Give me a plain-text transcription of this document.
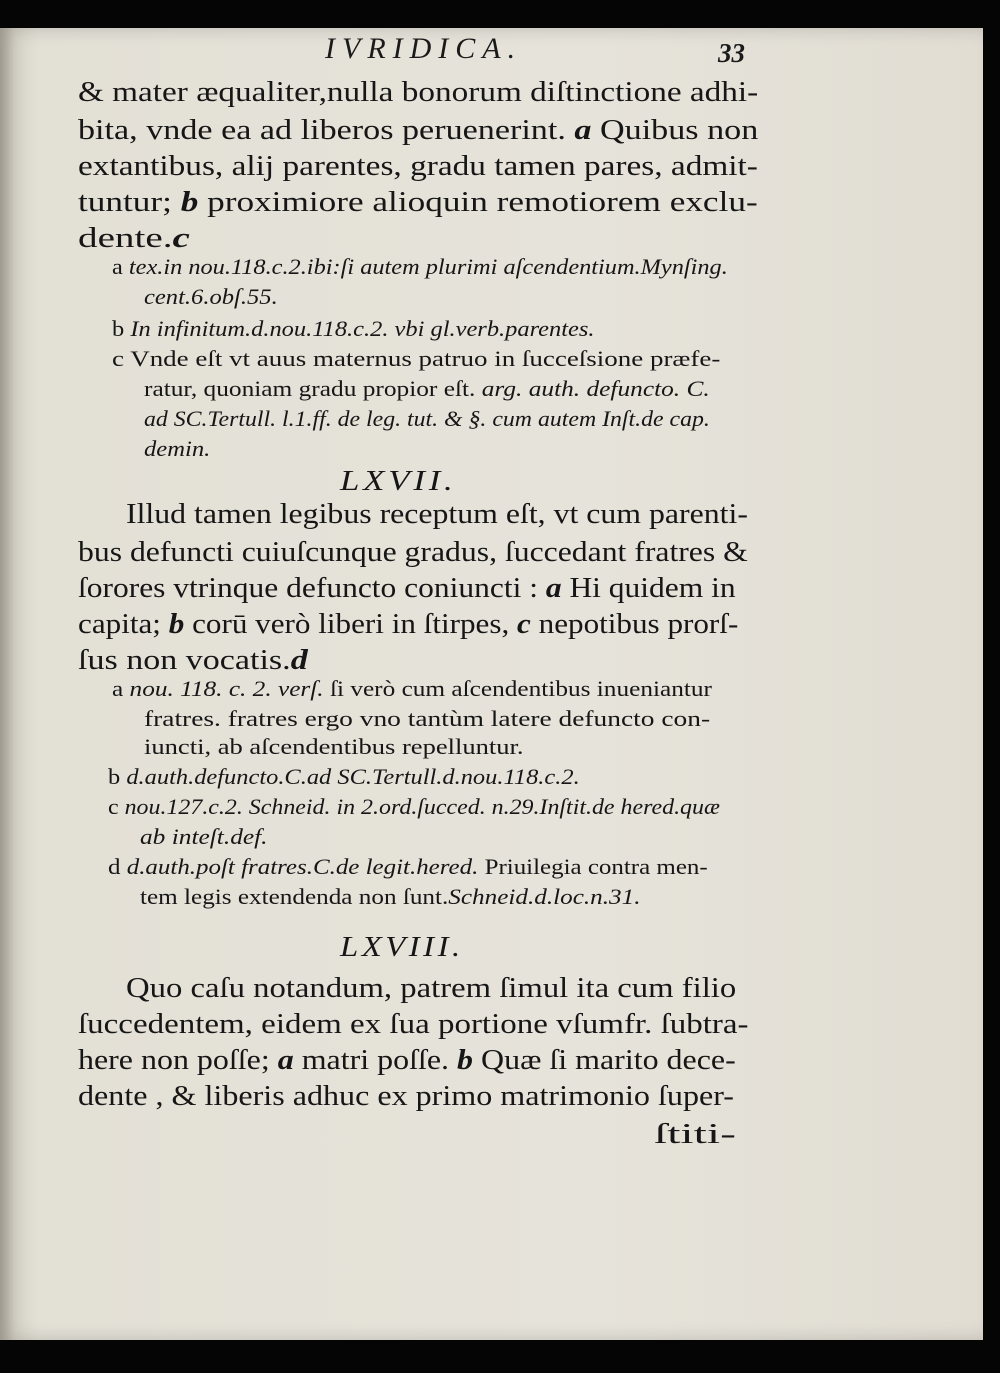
IVRIDICA.	33
& mater æqualiter,nulla bonorum diſtinctione adhi-
bita, vnde ea ad liberos peruenerint. a Quibus non
extantibus, alij parentes, gradu tamen pares, admit-
tuntur; b proximiore alioquin remotiorem exclu-
dente.c
a tex.in nou.118.c.2.ibi:ſi autem plurimi aſcendentium.Mynſing.
cent.6.obſ.55.
b In infinitum.d.nou.118.c.2. vbi gl.verb.parentes.
c Vnde eſt vt auus maternus patruo in ſucceſsione præfe-
ratur, quoniam gradu propior eſt. arg. auth. defuncto. C.
ad SC.Tertull. l.1.ff. de leg. tut. & §. cum autem Inſt.de cap.
demin.
LXVII.
Illud tamen legibus receptum eſt, vt cum parenti-
bus defuncti cuiuſcunque gradus, ſuccedant fratres &
ſorores vtrinque defuncto coniuncti : a Hi quidem in
capita; b corū verò liberi in ſtirpes, c nepotibus prorſ-
ſus non vocatis.d
a nou. 118. c. 2. verſ. ſi verò cum aſcendentibus inueniantur
fratres. fratres ergo vno tantùm latere defuncto con-
iuncti, ab aſcendentibus repelluntur.
b d.auth.defuncto.C.ad SC.Tertull.d.nou.118.c.2.
c nou.127.c.2. Schneid. in 2.ord.ſucced. n.29.Inſtit.de hered.quæ
ab inteſt.def.
d d.auth.poſt fratres.C.de legit.hered. Priuilegia contra men-
tem legis extendenda non ſunt.Schneid.d.loc.n.31.
LXVIII.
Quo caſu notandum, patrem ſimul ita cum filio
ſuccedentem, eidem ex ſua portione vſumfr. ſubtra-
here non poſſe; a matri poſſe. b Quæ ſi marito dece-
dente , & liberis adhuc ex primo matrimonio ſuper-
ſtiti-
